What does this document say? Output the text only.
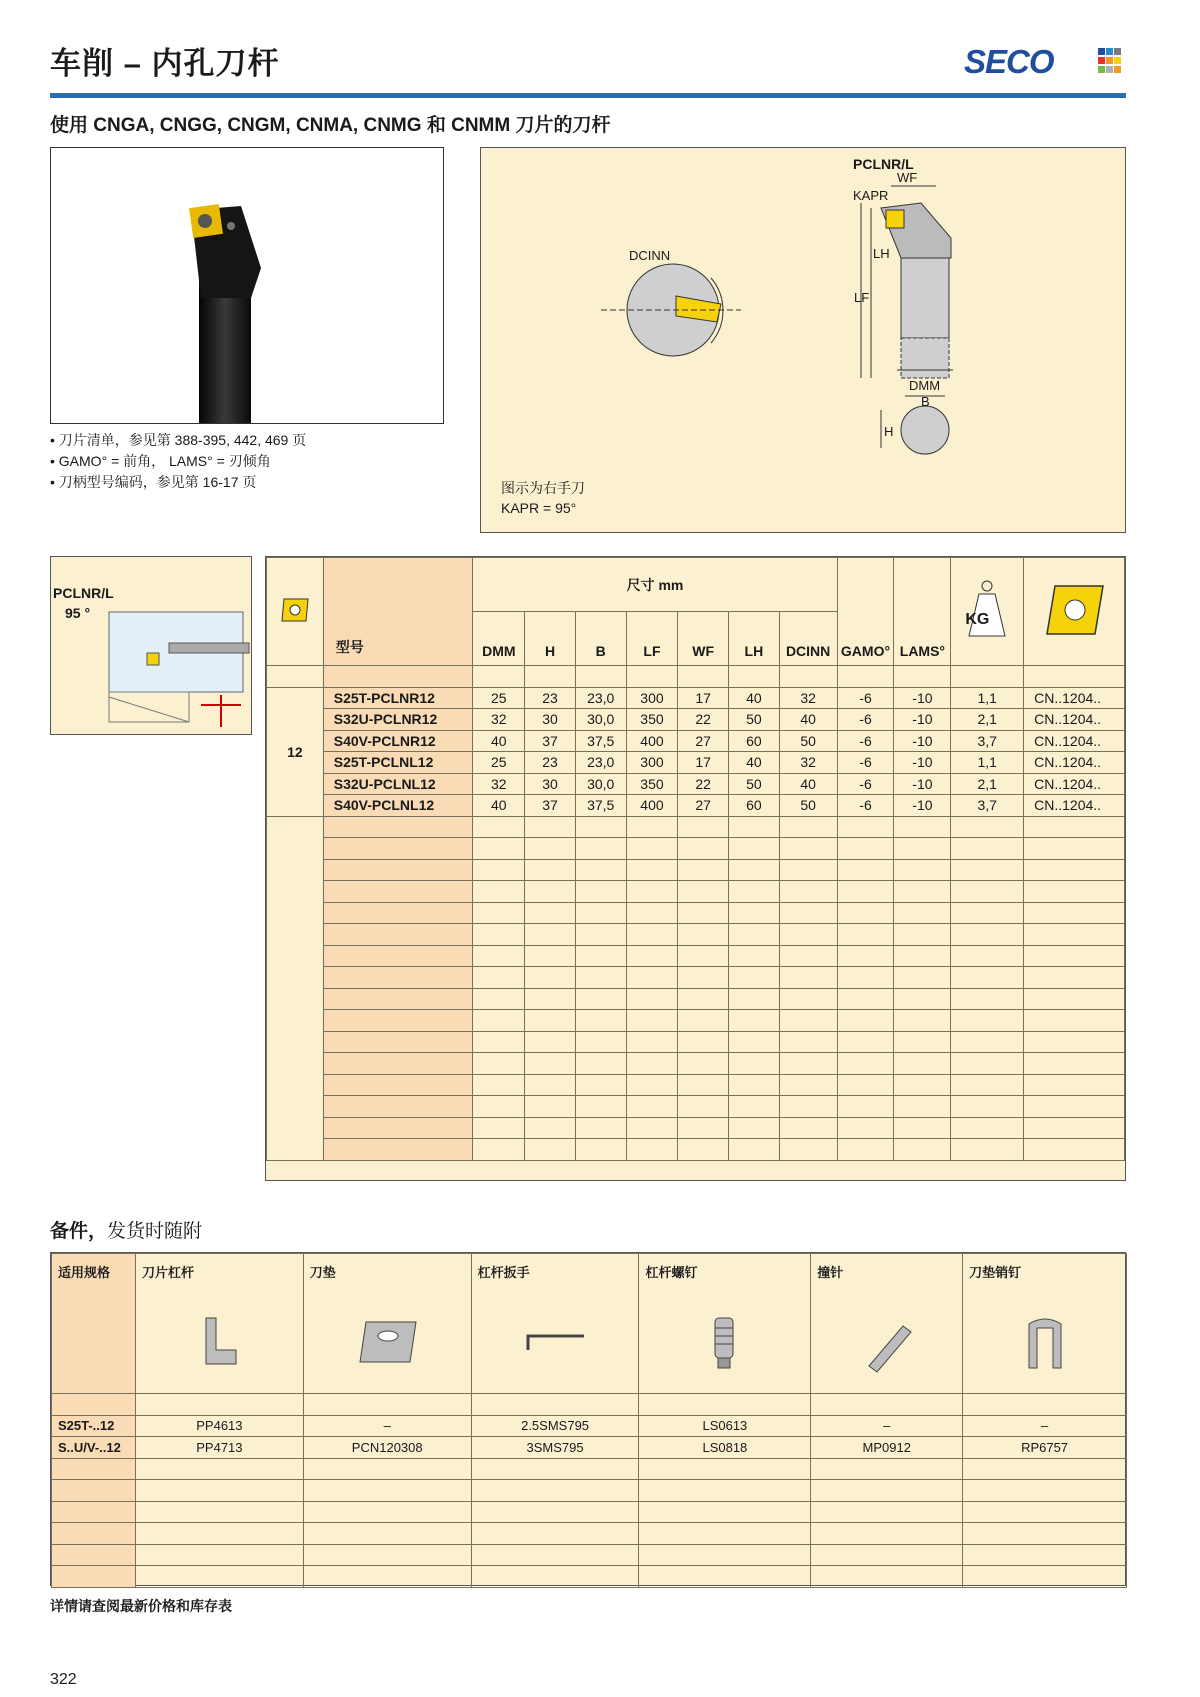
车削 – 内孔刀杆	SECO
使用 CNGA, CNGG, CNGM, CNMA, CNMG 和 CNMM 刀片的刀杆
• 刀片清单，参见第 388-395, 442, 469 页
• GAMO° = 前角， LAMS° = 刃倾角
• 刀柄型号编码，参见第 16-17 页
PCLNR/L
WF
KAPR
LH
LF
DCINN
DMM
B
H
图示为右手刀
KAPR = 95°
PCLNR/L
95 °
	型号	尺寸 mm							GAMO°	LAMS°	KG

		DMM	H	B	LF	WF	LH	DCINN				

12	S25T-PCLNR12	25	23	23,0	300	17	40	32	-6	-10	1,1	CN..1204..
	S32U-PCLNR12	32	30	30,0	350	22	50	40	-6	-10	2,1	CN..1204..
	S40V-PCLNR12	40	37	37,5	400	27	60	50	-6	-10	3,7	CN..1204..
	S25T-PCLNL12	25	23	23,0	300	17	40	32	-6	-10	1,1	CN..1204..
	S32U-PCLNL12	32	30	30,0	350	22	50	40	-6	-10	2,1	CN..1204..
	S40V-PCLNL12	40	37	37,5	400	27	60	50	-6	-10	3,7	CN..1204..

备件，发货时随附
适用规格	刀片杠杆	刀垫	杠杆扳手	杠杆螺钉	撞针	刀垫销钉

S25T-..12	PP4613	–	2.5SMS795	LS0613	–	–
S..U/V-..12	PP4713	PCN120308	3SMS795	LS0818	MP0912	RP6757

详情请查阅最新价格和库存表
322
